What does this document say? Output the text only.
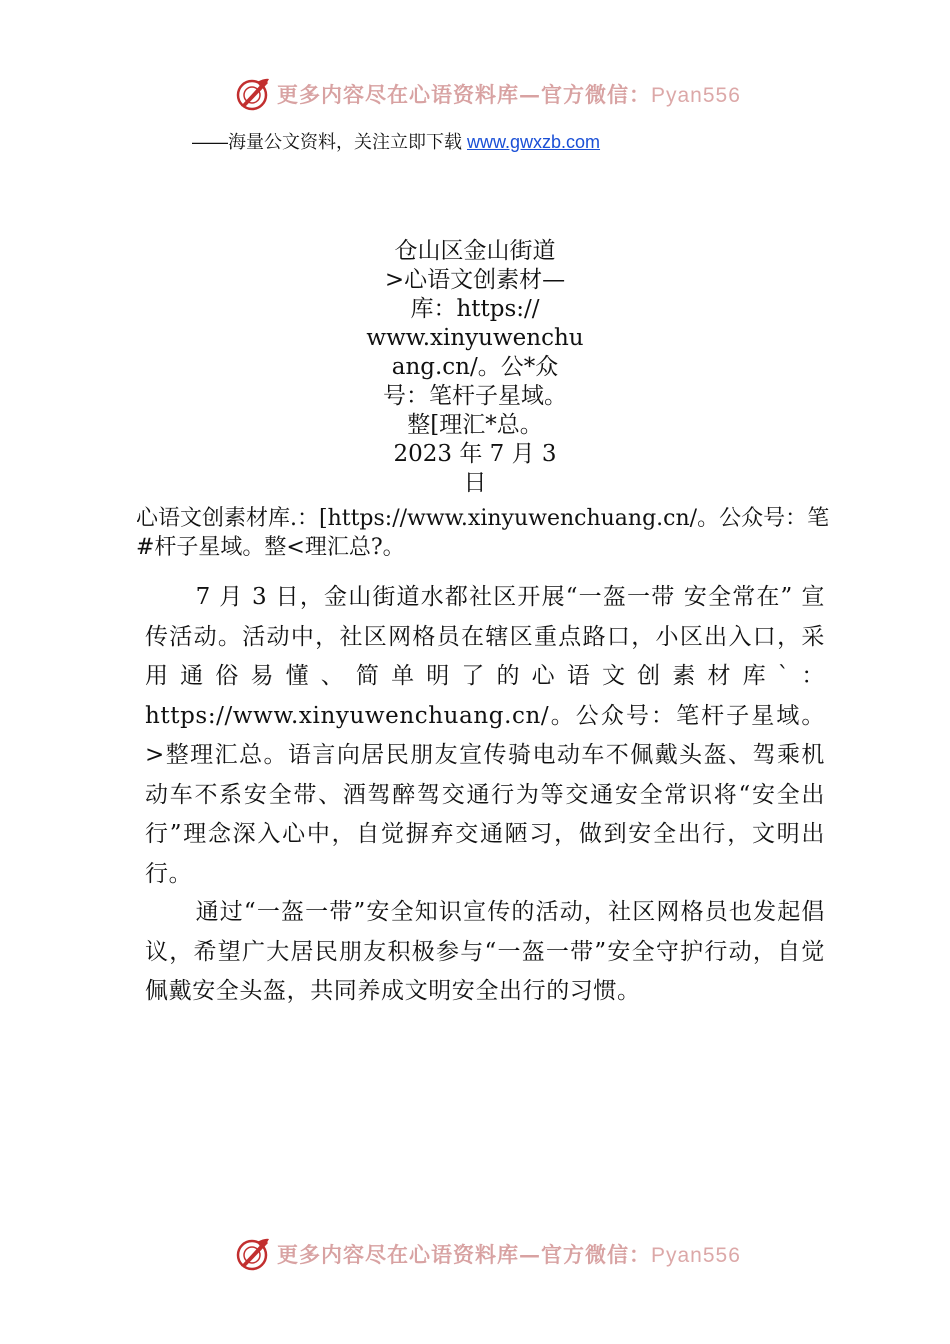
更多内容尽在心语资料库—官方微信：Pyan556
——海量公文资料，关注立即下载 www.gwxzb.com
仓山区金山街道
>心语文创素材—
库：https://
www.xinyuwenchu
ang.cn/。公*众
号：笔杆子星域。
整[理汇*总。
2023 年 7 月 3
日
心语文创素材库.：[https://www.xinyuwenchuang.cn/。公众号：笔#杆子星域。整<理汇总?。

7 月 3 日，金山街道水都社区开展“一盔一带 安全常在” 宣传活动。活动中，社区网格员在辖区重点路口，小区出入口，采用通俗易懂、简单明了的心语文创素材库`：https://www.xinyuwenchuang.cn/。公众号：笔杆子星域。>整理汇总。语言向居民朋友宣传骑电动车不佩戴头盔、驾乘机动车不系安全带、酒驾醉驾交通行为等交通安全常识将“安全出行”理念深入心中，自觉摒弃交通陋习，做到安全出行，文明出行。

通过“一盔一带”安全知识宣传的活动，社区网格员也发起倡议，希望广大居民朋友积极参与“一盔一带”安全守护行动，自觉佩戴安全头盔，共同养成文明安全出行的习惯。

更多内容尽在心语资料库—官方微信：Pyan556
